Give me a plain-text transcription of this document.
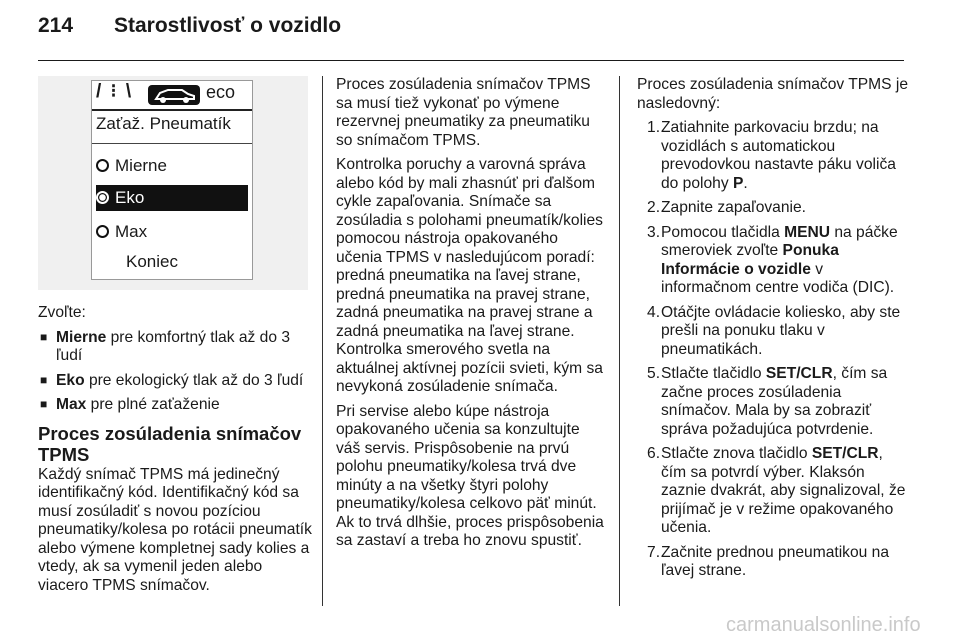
214 Starostlivosť o vozidlo
/ ⁝ \	eco
Zaťaž. Pneumatík
Mierne
Eko
Max
Koniec

Zvoľte:

■ Mierne pre komfortný tlak až do 3 ľudí
■ Eko pre ekologický tlak až do 3 ľudí
■ Max pre plné zaťaženie
Proces zosúladenia snímačov TPMS

Každý snímač TPMS má jedinečný identifikačný kód. Identifikačný kód sa musí zosúladiť s novou pozíciou pneumatiky/kolesa po rotácii pneumatík alebo výmene kompletnej sady kolies a vtedy, ak sa vymenil jeden alebo viacero TPMS snímačov.

Proces zosúladenia snímačov TPMS sa musí tiež vykonať po výmene rezervnej pneumatiky za pneumatiku so snímačom TPMS.

Kontrolka poruchy a varovná správa alebo kód by mali zhasnúť pri ďalšom cykle zapaľovania. Snímače sa zosúladia s polohami pneumatík/kolies pomocou nástroja opakovaného učenia TPMS v nasledujúcom poradí: predná pneumatika na ľavej strane, predná pneumatika na pravej strane, zadná pneumatika na pravej strane a zadná pneumatika na ľavej strane. Kontrolka smerového svetla na aktuálnej aktívnej pozícii svieti, kým sa nevykoná zosúladenie snímača.

Pri servise alebo kúpe nástroja opakovaného učenia sa konzultujte váš servis. Prispôsobenie na prvú polohu pneumatiky/kolesa trvá dve minúty a na všetky štyri polohy pneumatiky/kolesa celkovo päť minút. Ak to trvá dlhšie, proces prispôsobenia sa zastaví a treba ho znovu spustiť.

Proces zosúladenia snímačov TPMS je nasledovný:

1 . Zatiahnite parkovaciu brzdu; na vozidlách s automatickou prevodovkou nastavte páku voliča do polohy P.
2 . Zapnite zapaľovanie.
3 . Pomocou tlačidla MENU na páčke smeroviek zvoľte Ponuka Informácie o vozidle v informačnom centre vodiča (DIC).
4 . Otáčjte ovládacie koliesko, aby ste prešli na ponuku tlaku v pneumatikách.
5 . Stlačte tlačidlo SET/CLR, čím sa začne proces zosúladenia snímačov. Mala by sa zobraziť správa požadujúca potvrdenie.
6 . Stlačte znova tlačidlo SET/CLR, čím sa potvrdí výber. Klaksón zaznie dvakrát, aby signalizoval, že prijímač je v režime opakovaného učenia.
7 . Začnite prednou pneumatikou na ľavej strane.
carmanualsonline.info
